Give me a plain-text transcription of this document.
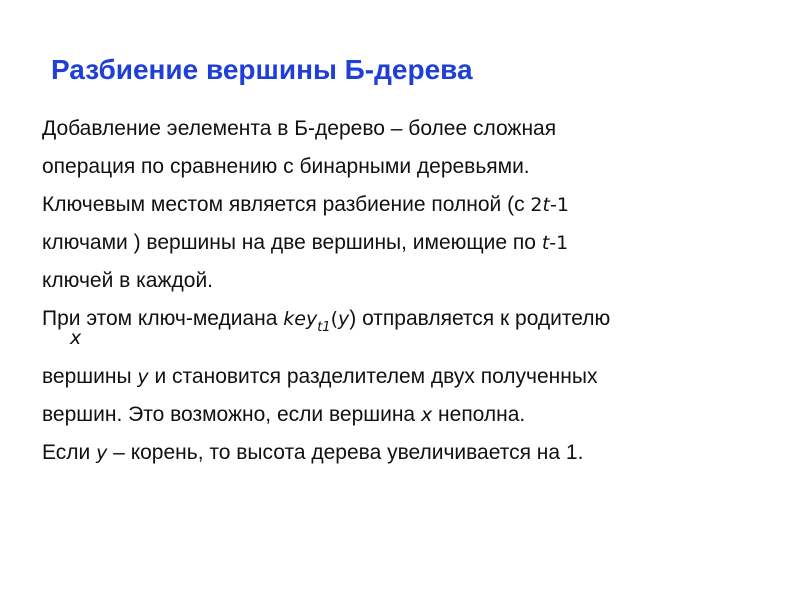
Разбиение вершины Б-дерева
Добавление эелемента в Б-дерево – более сложная
операция по сравнению с бинарными деревьями.
Ключевым местом является разбиение полной (с 2t-1
ключами ) вершины на две вершины, имеющие по t-1
ключей в каждой.
При этом ключ-медиана key$_{t1}$(y) отправляется к родителю
x
вершины y и становится разделителем двух полученных
вершин. Это возможно, если вершина x неполна.
Если y – корень, то высота дерева увеличивается на 1.
